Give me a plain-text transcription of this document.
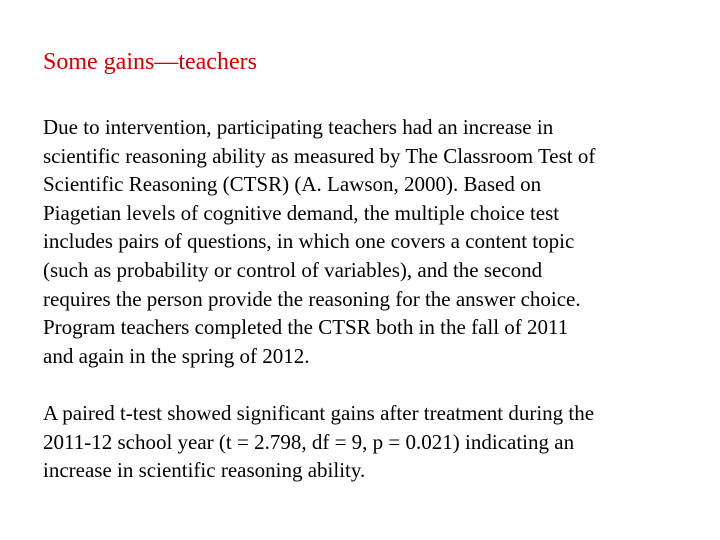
Some gains—teachers

Due to intervention, participating teachers had an increase in
scientific reasoning ability as measured by The Classroom Test of
Scientific Reasoning (CTSR) (A. Lawson, 2000). Based on
Piagetian levels of cognitive demand, the multiple choice test
includes pairs of questions, in which one covers a content topic
(such as probability or control of variables), and the second
requires the person provide the reasoning for the answer choice.
Program teachers completed the CTSR both in the fall of 2011
and again in the spring of 2012.

A paired t-test showed significant gains after treatment during the
2011-12 school year (t = 2.798, df = 9, p = 0.021) indicating an
increase in scientific reasoning ability.
